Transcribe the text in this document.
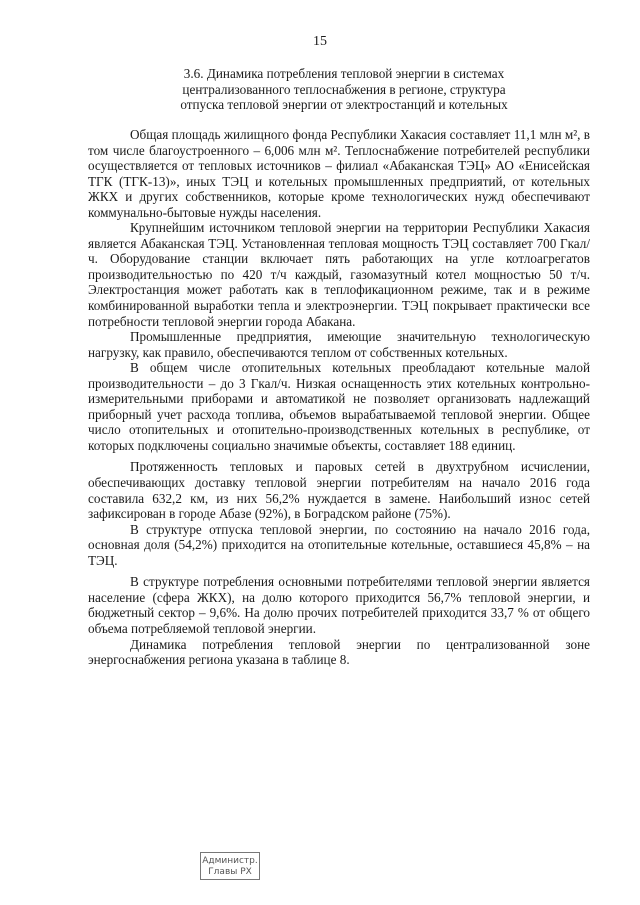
15
3.6. Динамика потребления тепловой энергии в системах
централизованного теплоснабжения в регионе, структура
отпуска тепловой энергии от электростанций и котельных

Общая площадь жилищного фонда Республики Хакасия составляет 11,1 млн м², в том числе благоустроенного – 6,006 млн м². Теплоснабжение потребителей республики осуществляется от тепловых источников – филиал «Абаканская ТЭЦ» АО «Енисейская ТГК (ТГК-13)», иных ТЭЦ и котельных промышленных предприятий, от котельных ЖКХ и других собственников, которые кроме технологических нужд обеспечивают коммунально-бытовые нужды населения.

Крупнейшим источником тепловой энергии на территории Республики Хакасия является Абаканская ТЭЦ. Установленная тепловая мощность ТЭЦ составляет 700 Гкал/ч. Оборудование станции включает пять работающих на угле котлоагрегатов производительностью по 420 т/ч каждый, газомазутный котел мощностью 50 т/ч. Электростанция может работать как в теплофикационном режиме, так и в режиме комбинированной выработки тепла и электроэнергии. ТЭЦ покрывает практически все потребности тепловой энергии города Абакана.

Промышленные предприятия, имеющие значительную технологическую нагрузку, как правило, обеспечиваются теплом от собственных котельных.

В общем числе отопительных котельных преобладают котельные малой производительности – до 3 Гкал/ч. Низкая оснащенность этих котельных контрольно-измерительными приборами и автоматикой не позволяет организовать надлежащий приборный учет расхода топлива, объемов вырабатываемой тепловой энергии. Общее число отопительных и отопительно-производственных котельных в республике, от которых подключены социально значимые объекты, составляет 188 единиц.

Протяженность тепловых и паровых сетей в двухтрубном исчислении, обеспечивающих доставку тепловой энергии потребителям на начало 2016 года составила 632,2 км, из них 56,2% нуждается в замене. Наибольший износ сетей зафиксирован в городе Абазе (92%), в Боградском районе (75%).

В структуре отпуска тепловой энергии, по состоянию на начало 2016 года, основная доля (54,2%) приходится на отопительные котельные, оставшиеся 45,8% – на ТЭЦ.

В структуре потребления основными потребителями тепловой энергии является население (сфера ЖКХ), на долю которого приходится 56,7% тепловой энергии, и бюджетный сектор – 9,6%. На долю прочих потребителей приходится 33,7 % от общего объема потребляемой тепловой энергии.

Динамика потребления тепловой энергии по централизованной зоне энергоснабжения региона указана в таблице 8.

Администр.
Главы РХ
